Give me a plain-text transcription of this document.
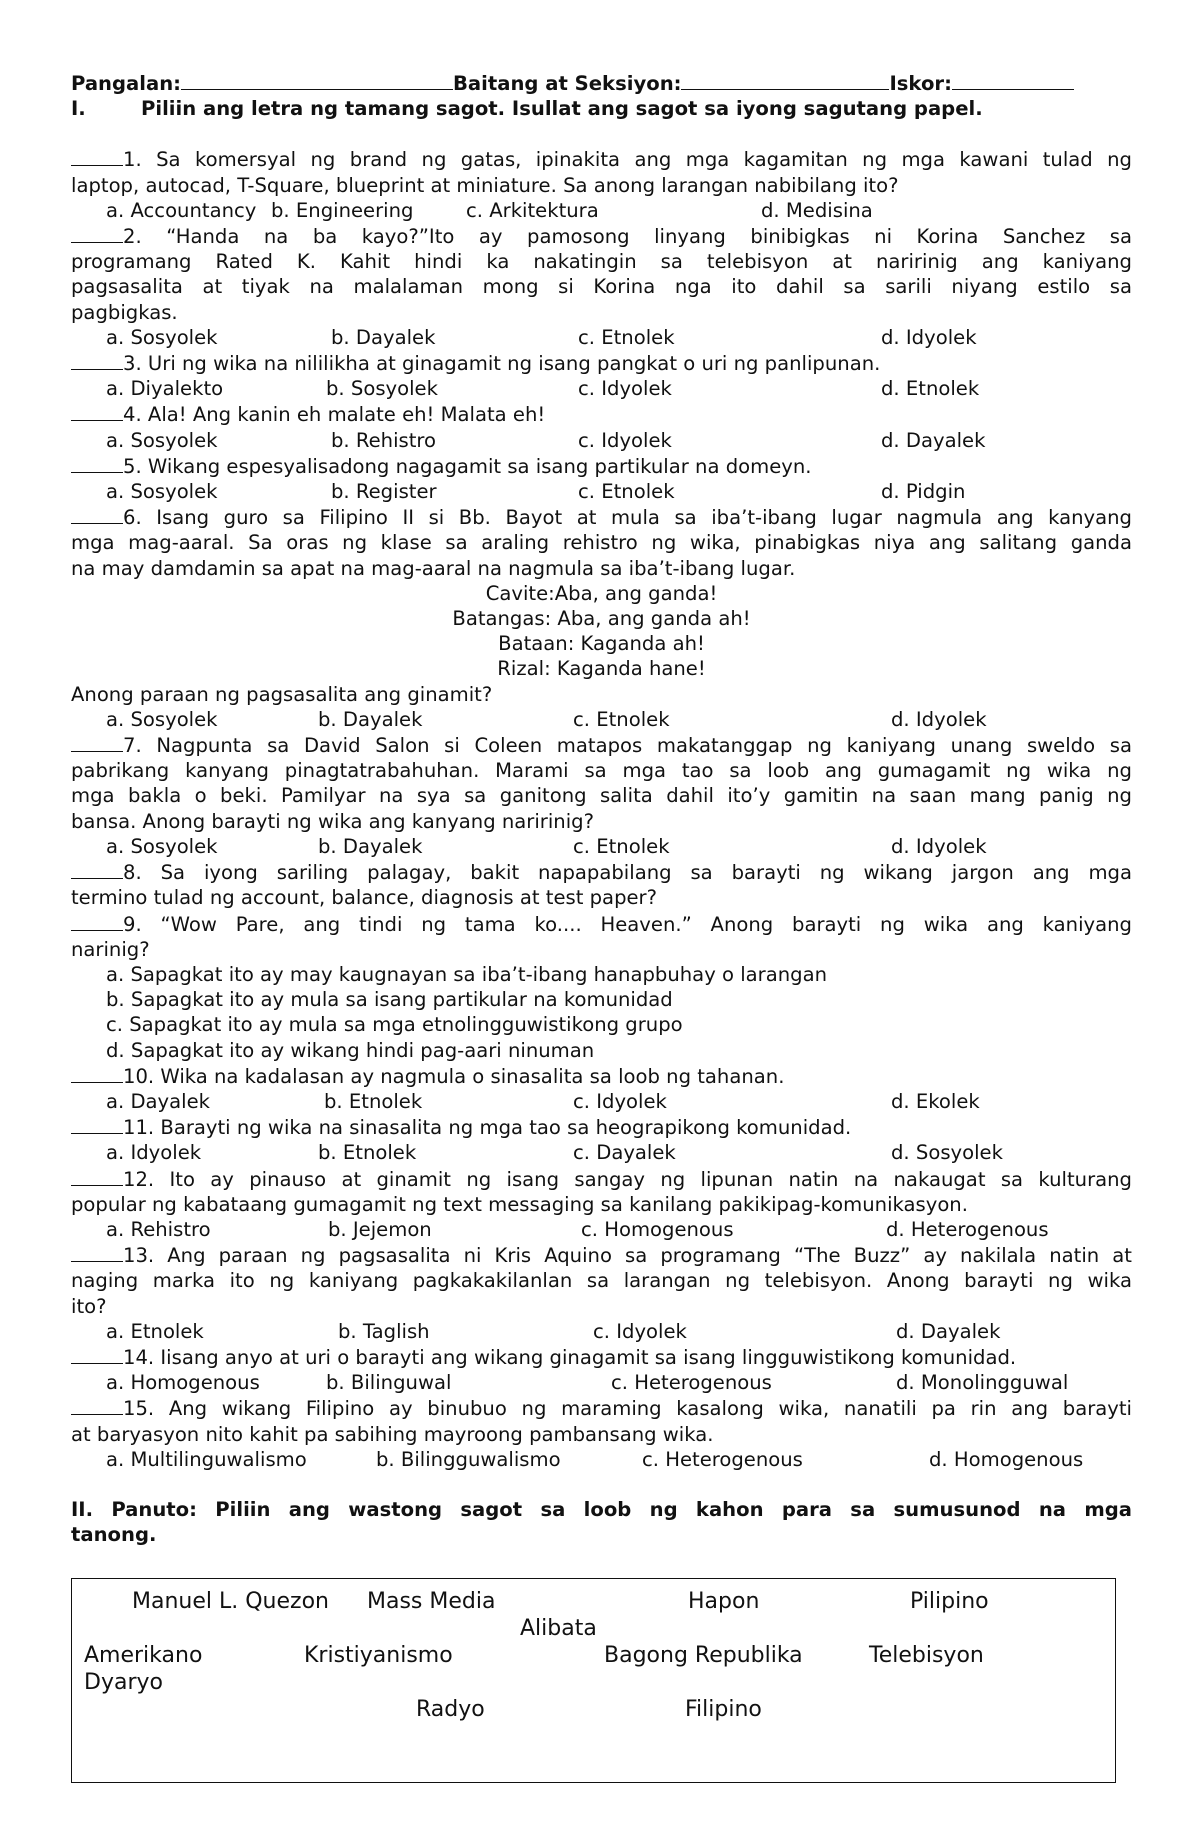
Pangalan:	Baitang at Seksiyon:	Iskor:
I.	Piliin ang letra ng tamang sagot. Isullat ang sagot sa iyong sagutang papel.
1. Sa komersyal ng brand ng gatas, ipinakita ang mga kagamitan ng mga kawani tulad ng
laptop, autocad, T-Square, blueprint at miniature. Sa anong larangan nabibilang ito?
a. Accountancy b. Engineering	c. Arkitektura	d. Medisina
2. “Handa na ba kayo?”Ito ay pamosong linyang binibigkas ni Korina Sanchez sa
programang Rated K. Kahit hindi ka nakatingin sa telebisyon at naririnig ang kaniyang
pagsasalita at tiyak na malalaman mong si Korina nga ito dahil sa sarili niyang estilo sa
pagbigkas.
a. Sosyolek	b. Dayalek	c. Etnolek	d. Idyolek
3. Uri ng wika na nililikha at ginagamit ng isang pangkat o uri ng panlipunan.
a. Diyalekto	b. Sosyolek	c. Idyolek	d. Etnolek
4. Ala! Ang kanin eh malate eh! Malata eh!
a. Sosyolek	b. Rehistro	c. Idyolek	d. Dayalek
5. Wikang espesyalisadong nagagamit sa isang partikular na domeyn.
a. Sosyolek	b. Register	c. Etnolek	d. Pidgin
6. Isang guro sa Filipino II si Bb. Bayot at mula sa iba’t-ibang lugar nagmula ang kanyang
mga mag-aaral. Sa oras ng klase sa araling rehistro ng wika, pinabigkas niya ang salitang ganda
na may damdamin sa apat na mag-aaral na nagmula sa iba’t-ibang lugar.
Cavite:Aba, ang ganda!
Batangas: Aba, ang ganda ah!
Bataan: Kaganda ah!
Rizal: Kaganda hane!
Anong paraan ng pagsasalita ang ginamit?
a. Sosyolek	b. Dayalek	c. Etnolek	d. Idyolek
7. Nagpunta sa David Salon si Coleen matapos makatanggap ng kaniyang unang sweldo sa
pabrikang kanyang pinagtatrabahuhan. Marami sa mga tao sa loob ang gumagamit ng wika ng
mga bakla o beki. Pamilyar na sya sa ganitong salita dahil ito’y gamitin na saan mang panig ng
bansa. Anong barayti ng wika ang kanyang naririnig?
a. Sosyolek	b. Dayalek	c. Etnolek	d. Idyolek
8. Sa iyong sariling palagay, bakit napapabilang sa barayti ng wikang jargon ang mga
termino tulad ng account, balance, diagnosis at test paper?
9. “Wow Pare, ang tindi ng tama ko.... Heaven.” Anong barayti ng wika ang kaniyang
narinig?
a. Sapagkat ito ay may kaugnayan sa iba’t-ibang hanapbuhay o larangan
b. Sapagkat ito ay mula sa isang partikular na komunidad
c. Sapagkat ito ay mula sa mga etnolingguwistikong grupo
d. Sapagkat ito ay wikang hindi pag-aari ninuman
10. Wika na kadalasan ay nagmula o sinasalita sa loob ng tahanan.
a. Dayalek	b. Etnolek	c. Idyolek	d. Ekolek
11. Barayti ng wika na sinasalita ng mga tao sa heograpikong komunidad.
a. Idyolek	b. Etnolek	c. Dayalek	d. Sosyolek
12. Ito ay pinauso at ginamit ng isang sangay ng lipunan natin na nakaugat sa kulturang
popular ng kabataang gumagamit ng text messaging sa kanilang pakikipag-komunikasyon.
a. Rehistro	b. Jejemon	c. Homogenous	d. Heterogenous
13. Ang paraan ng pagsasalita ni Kris Aquino sa programang “The Buzz” ay nakilala natin at
naging marka ito ng kaniyang pagkakakilanlan sa larangan ng telebisyon. Anong barayti ng wika
ito?
a. Etnolek	b. Taglish	c. Idyolek	d. Dayalek
14. Iisang anyo at uri o barayti ang wikang ginagamit sa isang lingguwistikong komunidad.
a. Homogenous	b. Bilinguwal	c. Heterogenous	d. Monolingguwal
15. Ang wikang Filipino ay binubuo ng maraming kasalong wika, nanatili pa rin ang barayti
at baryasyon nito kahit pa sabihing mayroong pambansang wika.
a. Multilinguwalismo	b. Bilingguwalismo	c. Heterogenous	d. Homogenous
II. Panuto: Piliin ang wastong sagot sa loob ng kahon para sa sumusunod na mga
tanong.
Manuel L. Quezon Mass Media	Hapon	Pilipino
Alibata
Amerikano	Kristiyanismo	Bagong Republika	Telebisyon
Dyaryo
Radyo	Filipino
